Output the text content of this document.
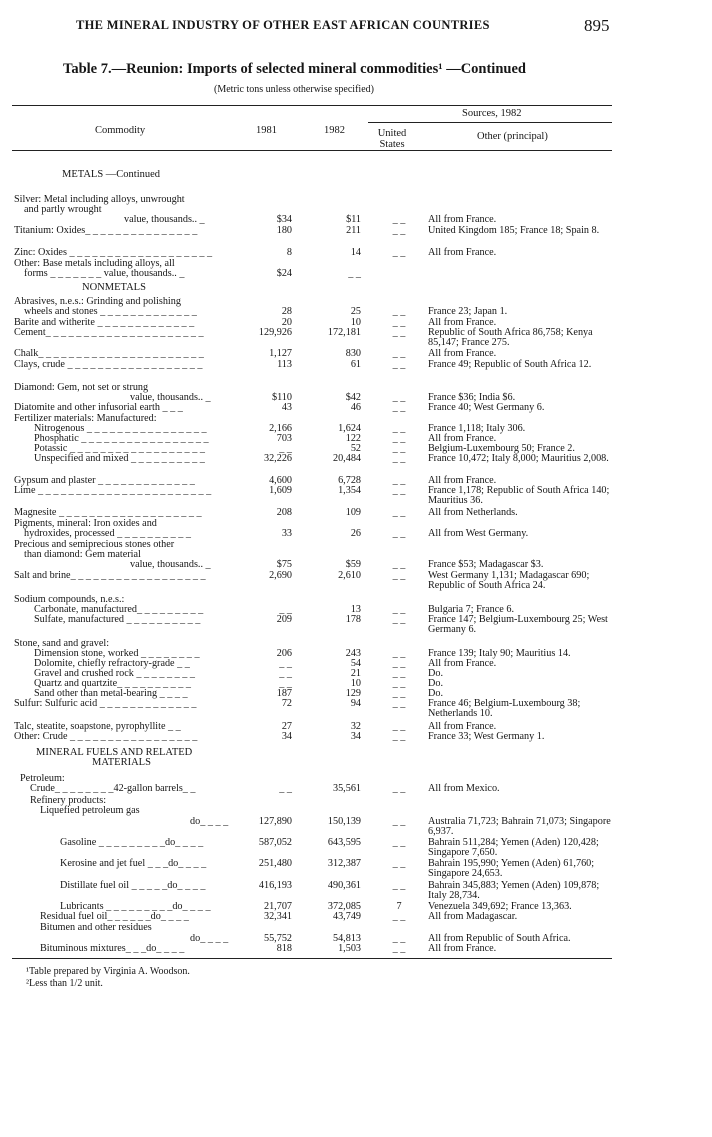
THE MINERAL INDUSTRY OF OTHER EAST AFRICAN COUNTRIES	895
Table 7.—Reunion: Imports of selected mineral commodities¹ —Continued
(Metric tons unless otherwise specified)
Sources, 1982
Commodity	1981	1982	United States
Other (principal)
METALS —Continued
Silver: Metal including alloys, unwrought
and partly wrought
value, thousands.. _	$34	$11	_ _	All from France.
Titanium: Oxides_ _ _ _ _ _ _ _ _ _ _ _ _ _ _	180	211	_ _	United Kingdom 185; France 18; Spain 8.
Zinc: Oxides _ _ _ _ _ _ _ _ _ _ _ _ _ _ _ _ _ _ _	8	14	_ _	All from France.
Other: Base metals including alloys, all
forms _ _ _ _ _ _ _ value, thousands.. _	$24	_ _
NONMETALS
Abrasives, n.e.s.: Grinding and polishing
wheels and stones _ _ _ _ _ _ _ _ _ _ _ _ _	28	25	_ _	France 23; Japan 1.
Barite and witherite _ _ _ _ _ _ _ _ _ _ _ _ _	20	10	_ _	All from France.
Cement_ _ _ _ _ _ _ _ _ _ _ _ _ _ _ _ _ _ _ _ _	129,926	172,181	_ _	Republic of South Africa 86,758; Kenya 85,147; France 275.
Chalk_ _ _ _ _ _ _ _ _ _ _ _ _ _ _ _ _ _ _ _ _ _	1,127	830	_ _	All from France.
Clays, crude _ _ _ _ _ _ _ _ _ _ _ _ _ _ _ _ _ _	113	61	_ _	France 49; Republic of South Africa 12.
Diamond: Gem, not set or strung
value, thousands.. _	$110	$42	_ _	France $36; India $6.
Diatomite and other infusorial earth _ _ _	43	46	_ _	France 40; West Germany 6.
Fertilizer materials: Manufactured:
Nitrogenous _ _ _ _ _ _ _ _ _ _ _ _ _ _ _ _	2,166	1,624	_ _	France 1,118; Italy 306.
Phosphatic _ _ _ _ _ _ _ _ _ _ _ _ _ _ _ _ _	703	122	_ _	All from France.
Potassic _ _ _ _ _ _ _ _ _ _ _ _ _ _ _ _ _ _	_ _	52	_ _	Belgium-Luxembourg 50; France 2.
Unspecified and mixed _ _ _ _ _ _ _ _ _ _	32,226	20,484	_ _	France 10,472; Italy 8,000; Mauritius 2,008.
Gypsum and plaster _ _ _ _ _ _ _ _ _ _ _ _ _	4,600	6,728	_ _	All from France.
Lime _ _ _ _ _ _ _ _ _ _ _ _ _ _ _ _ _ _ _ _ _ _ _	1,609	1,354	_ _	France 1,178; Republic of South Africa 140; Mauritius 36.
Magnesite _ _ _ _ _ _ _ _ _ _ _ _ _ _ _ _ _ _ _	208	109	_ _	All from Netherlands.
Pigments, mineral: Iron oxides and
hydroxides, processed _ _ _ _ _ _ _ _ _ _	33	26	_ _	All from West Germany.
Precious and semiprecious stones other
than diamond: Gem material
value, thousands.. _	$75	$59	_ _	France $53; Madagascar $3.
Salt and brine_ _ _ _ _ _ _ _ _ _ _ _ _ _ _ _ _ _	2,690	2,610	_ _	West Germany 1,131; Madagascar 690; Republic of South Africa 24.
Sodium compounds, n.e.s.:
Carbonate, manufactured_ _ _ _ _ _ _ _ _	_ _	13	_ _	Bulgaria 7; France 6.
Sulfate, manufactured _ _ _ _ _ _ _ _ _ _	209	178	_ _	France 147; Belgium-Luxembourg 25; West Germany 6.
Stone, sand and gravel:
Dimension stone, worked _ _ _ _ _ _ _ _	206	243	_ _	France 139; Italy 90; Mauritius 14.
Dolomite, chiefly refractory-grade _ _	_ _	54	_ _	All from France.
Gravel and crushed rock _ _ _ _ _ _ _ _	_ _	21	_ _	Do.
Quartz and quartzite_ _ _ _ _ _ _ _ _ _	_ _	10	_ _	Do.
Sand other than metal-bearing _ _ _ _	187	129	_ _	Do.
Sulfur: Sulfuric acid _ _ _ _ _ _ _ _ _ _ _ _ _	72	94	_ _	France 46; Belgium-Luxembourg 38; Netherlands 10.
Talc, steatite, soapstone, pyrophyllite _ _	27	32	_ _	All from France.
Other: Crude _ _ _ _ _ _ _ _ _ _ _ _ _ _ _ _ _	34	34	_ _	France 33; West Germany 1.
MINERAL FUELS AND RELATED
MATERIALS
Petroleum:
Crude_ _ _ _ _ _ _ _42-gallon barrels_ _	_ _	35,561	_ _	All from Mexico.
Refinery products:
Liquefied petroleum gas
do_ _ _ _	127,890	150,139	_ _	Australia 71,723; Bahrain 71,073; Singapore 6,937.
Gasoline _ _ _ _ _ _ _ _ _do_ _ _ _	587,052	643,595	_ _	Bahrain 511,284; Yemen (Aden) 120,428; Singapore 7,650.
Kerosine and jet fuel _ _ _do_ _ _ _	251,480	312,387	_ _	Bahrain 195,990; Yemen (Aden) 61,760; Singapore 24,653.
Distillate fuel oil _ _ _ _ _do_ _ _ _	416,193	490,361	_ _	Bahrain 345,883; Yemen (Aden) 109,878; Italy 28,734.
Lubricants _ _ _ _ _ _ _ _ _do_ _ _ _	21,707	372,085	7	Venezuela 349,692; France 13,363.
Residual fuel oil_ _ _ _ _ _do_ _ _ _	32,341	43,749	_ _	All from Madagascar.
Bitumen and other residues
do_ _ _ _	55,752	54,813	_ _	All from Republic of South Africa.
Bituminous mixtures_ _ _do_ _ _ _	818	1,503	_ _	All from France.
¹Table prepared by Virginia A. Woodson.
²Less than 1/2 unit.
